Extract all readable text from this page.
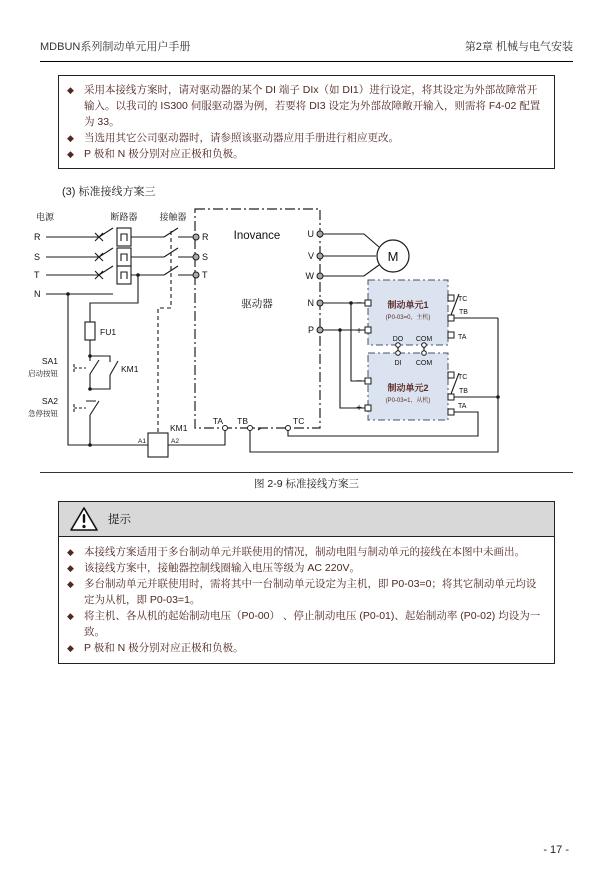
MDBUN系列制动单元用户手册	第2章 机械与电气安装
◆ 采用本接线方案时，请对驱动器的某个 DI 端子 DIx（如 DI1）进行设定，将其设定为外部故障常开输入。以我司的 IS300 伺服驱动器为例，若要将 DI3 设定为外部故障敞开输入，则需将 F4-02 配置为 33。
◆ 当选用其它公司驱动器时，请参照该驱动器应用手册进行相应更改。
◆ P 极和 N 极分别对应正极和负极。
(3) 标准接线方案三
Inovance
驱动器
M
制动单元1
(P0-03=0，主机)
DO COM
DI COM
制动单元2
(P0-03=1，从机)
电源	断路器 接触器
R
S
T
N
R
S
T
U
V
W
N
P
FU1
SA1
启动按钮
SA2
急停按钮
KM1
KM1
A1	A2
TA TB	TC
−
+
−
+
TC
TB
TA
TC
TB
TA
图 2-9 标准接线方案三
提示
◆ 本接线方案适用于多台制动单元并联使用的情况，制动电阻与制动单元的接线在本图中未画出。
◆ 该接线方案中，接触器控制线圈输入电压等级为 AC 220V。
◆ 多台制动单元并联使用时，需将其中一台制动单元设定为主机，即 P0-03=0；将其它制动单元均设定为从机，即 P0-03=1。
◆ 将主机、各从机的起始制动电压（P0-00） 、停止制动电压 (P0-01)、起始制动率 (P0-02) 均设为一致。
◆ P 极和 N 极分别对应正极和负极。
- 17 -
